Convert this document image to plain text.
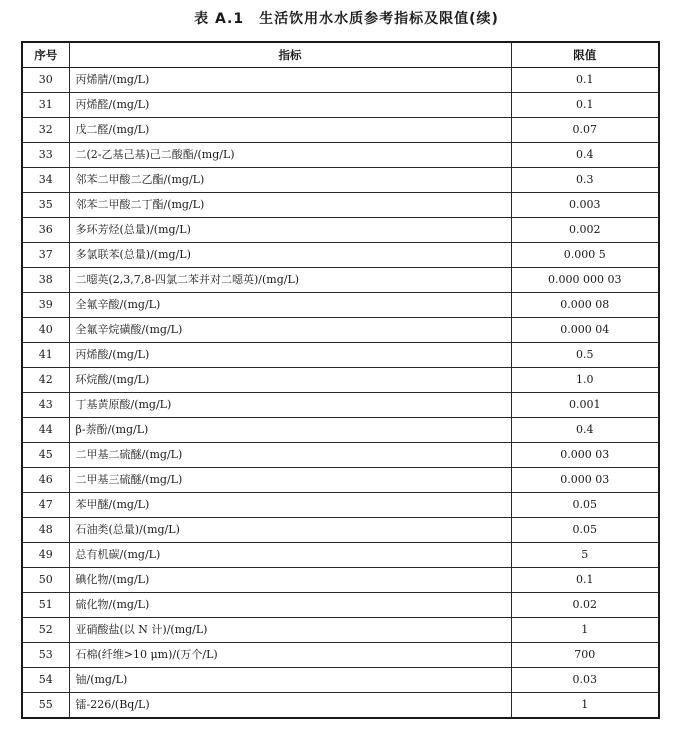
表 A.1　生活饮用水水质参考指标及限值(续)
序号	指标	限值
30	丙烯腈/(mg/L)	0.1
31	丙烯醛/(mg/L)	0.1
32	戊二醛/(mg/L)	0.07
33	二(2-乙基己基)己二酸酯/(mg/L)	0.4
34	邻苯二甲酸二乙酯/(mg/L)	0.3
35	邻苯二甲酸二丁酯/(mg/L)	0.003
36	多环芳烃(总量)/(mg/L)	0.002
37	多氯联苯(总量)/(mg/L)	0.000 5
38	二噁英(2,3,7,8-四氯二苯并对二噁英)/(mg/L)	0.000 000 03
39	全氟辛酸/(mg/L)	0.000 08
40	全氟辛烷磺酸/(mg/L)	0.000 04
41	丙烯酸/(mg/L)	0.5
42	环烷酸/(mg/L)	1.0
43	丁基黄原酸/(mg/L)	0.001
44	β-萘酚/(mg/L)	0.4
45	二甲基二硫醚/(mg/L)	0.000 03
46	二甲基三硫醚/(mg/L)	0.000 03
47	苯甲醚/(mg/L)	0.05
48	石油类(总量)/(mg/L)	0.05
49	总有机碳/(mg/L)	5
50	碘化物/(mg/L)	0.1
51	硫化物/(mg/L)	0.02
52	亚硝酸盐(以 N 计)/(mg/L)	1
53	石棉(纤维>10 μm)/(万个/L)	700
54	铀/(mg/L)	0.03
55	镭-226/(Bq/L)	1
